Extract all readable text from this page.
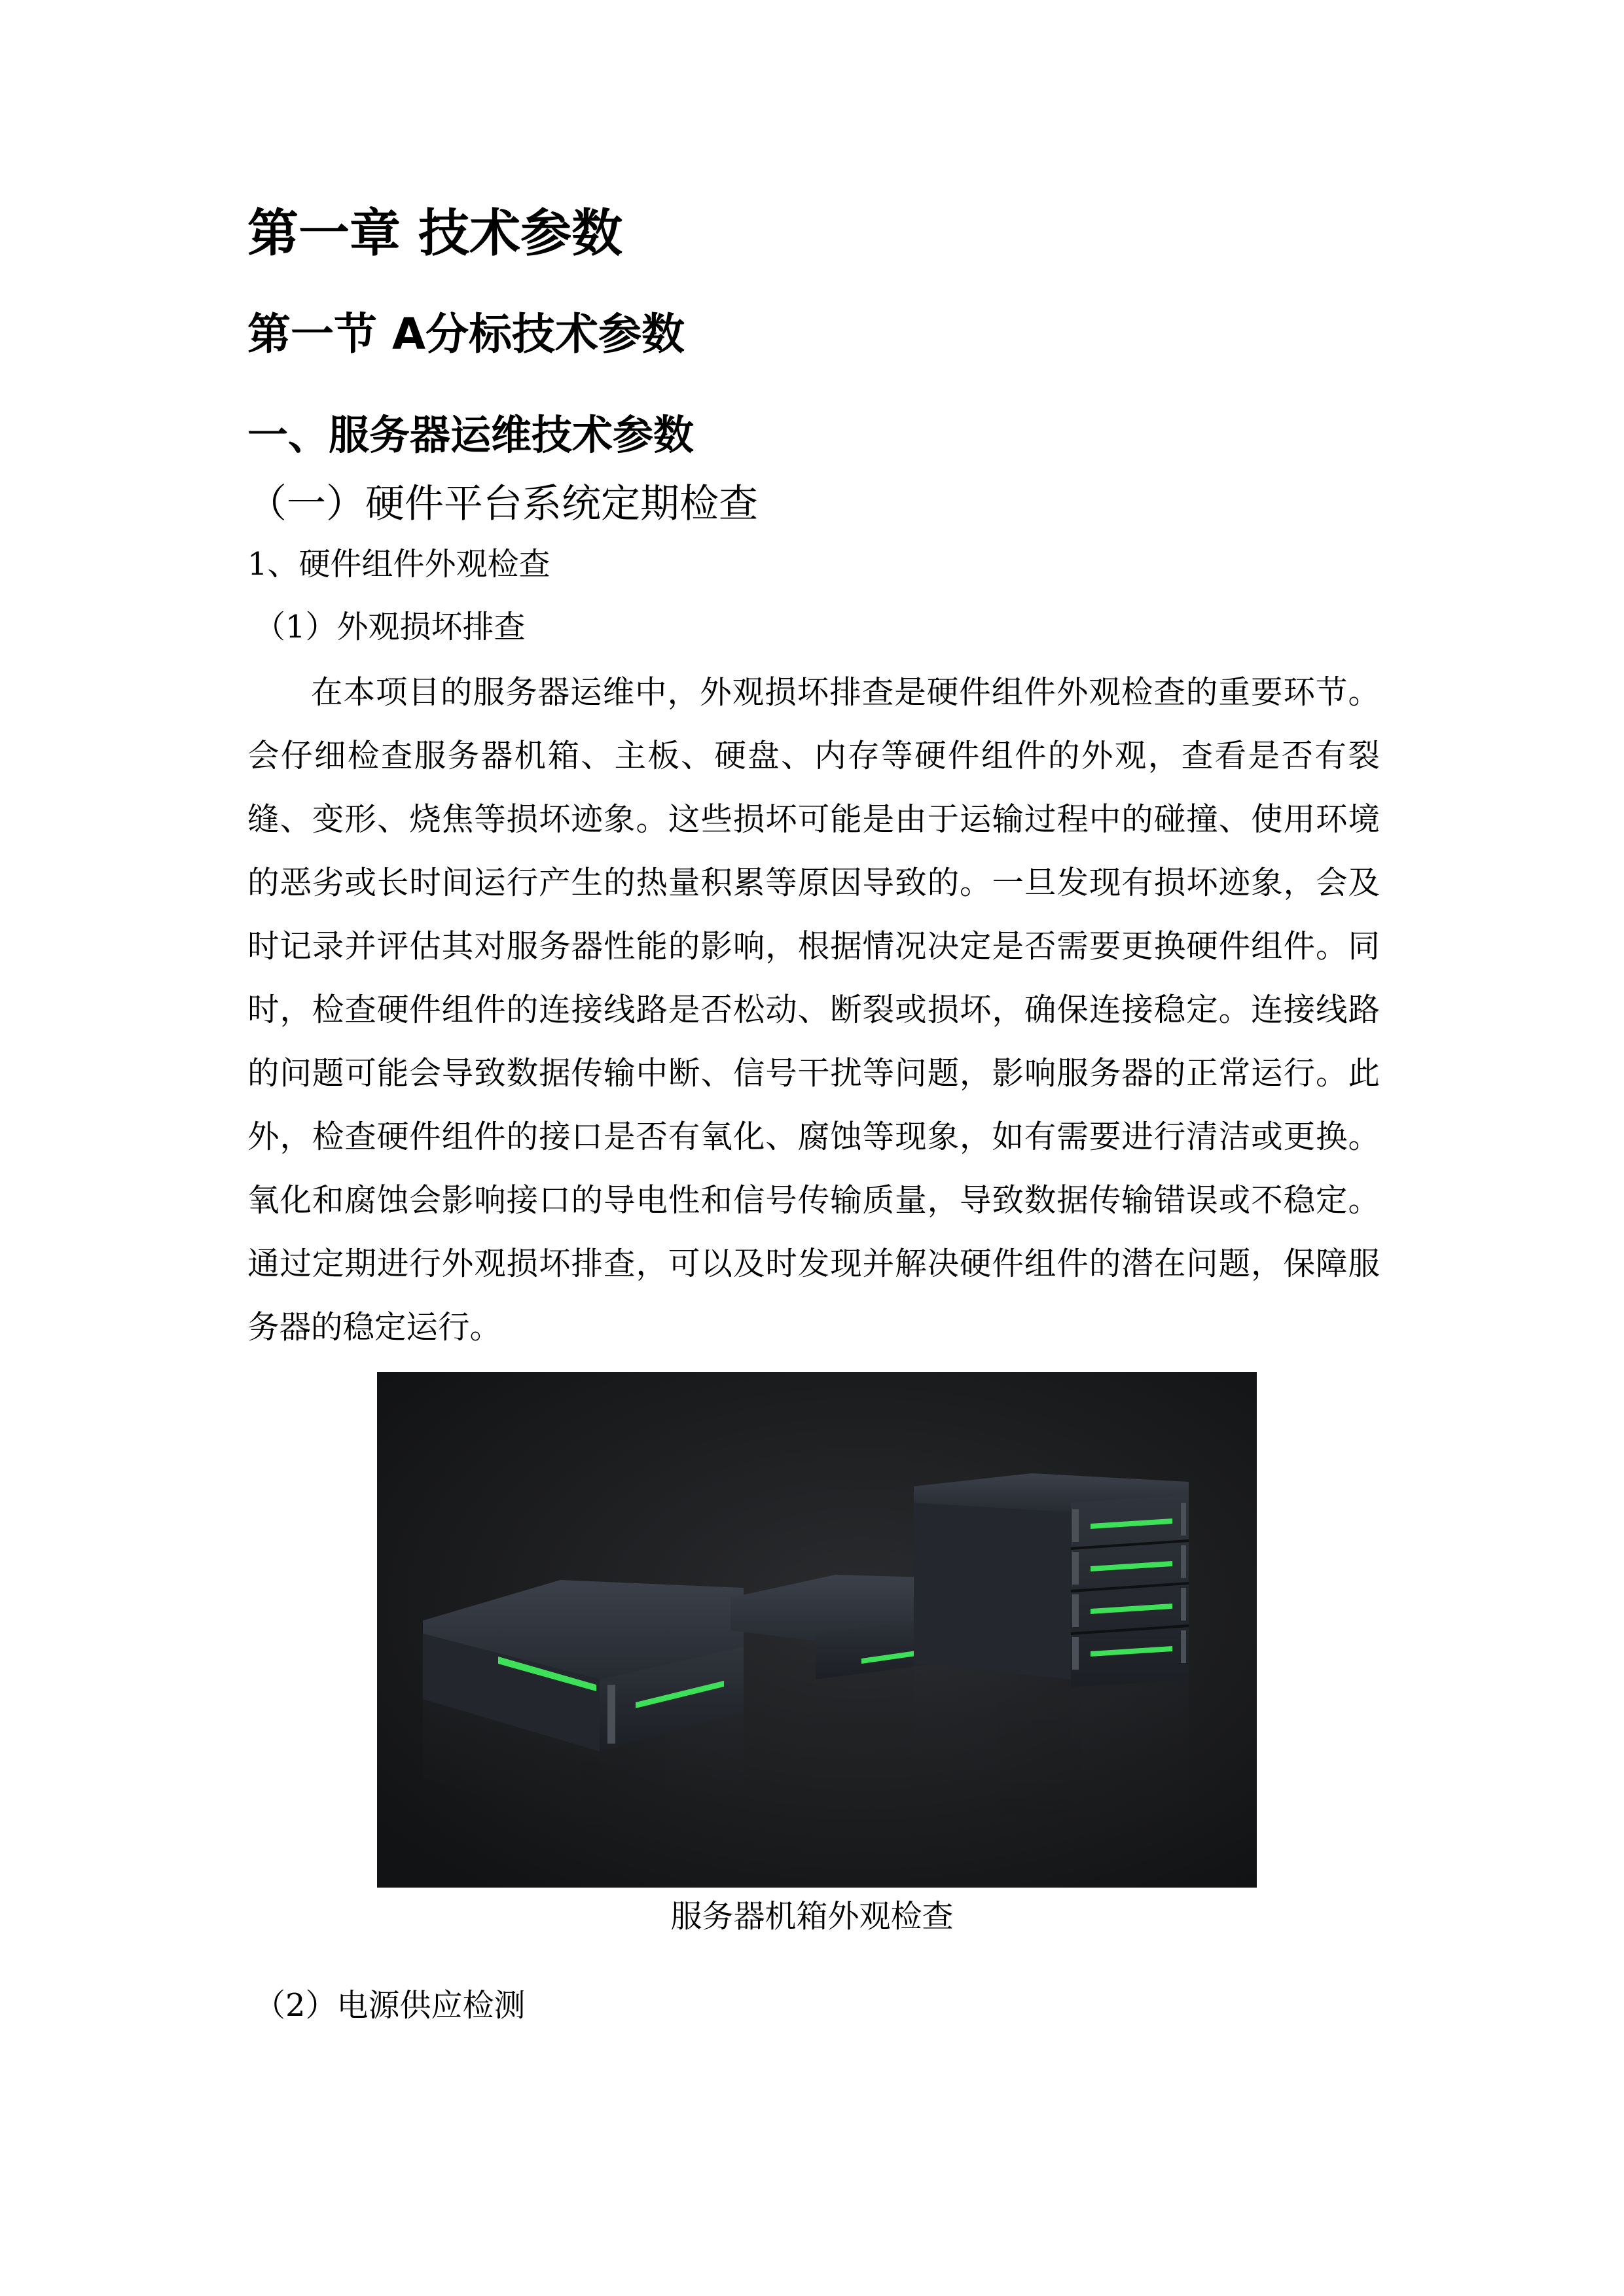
第一章 技术参数
第一节 A分标技术参数
一、服务器运维技术参数
（一）硬件平台系统定期检查
1、硬件组件外观检查
（1）外观损坏排查

在本项目的服务器运维中，外观损坏排查是硬件组件外观检查的重要环节。会仔细检查服务器机箱、主板、硬盘、内存等硬件组件的外观，查看是否有裂缝、变形、烧焦等损坏迹象。这些损坏可能是由于运输过程中的碰撞、使用环境的恶劣或长时间运行产生的热量积累等原因导致的。一旦发现有损坏迹象，会及时记录并评估其对服务器性能的影响，根据情况决定是否需要更换硬件组件。同时，检查硬件组件的连接线路是否松动、断裂或损坏，确保连接稳定。连接线路的问题可能会导致数据传输中断、信号干扰等问题，影响服务器的正常运行。此外，检查硬件组件的接口是否有氧化、腐蚀等现象，如有需要进行清洁或更换。氧化和腐蚀会影响接口的导电性和信号传输质量，导致数据传输错误或不稳定。通过定期进行外观损坏排查，可以及时发现并解决硬件组件的潜在问题，保障服务器的稳定运行。

服务器机箱外观检查
（2）电源供应检测
